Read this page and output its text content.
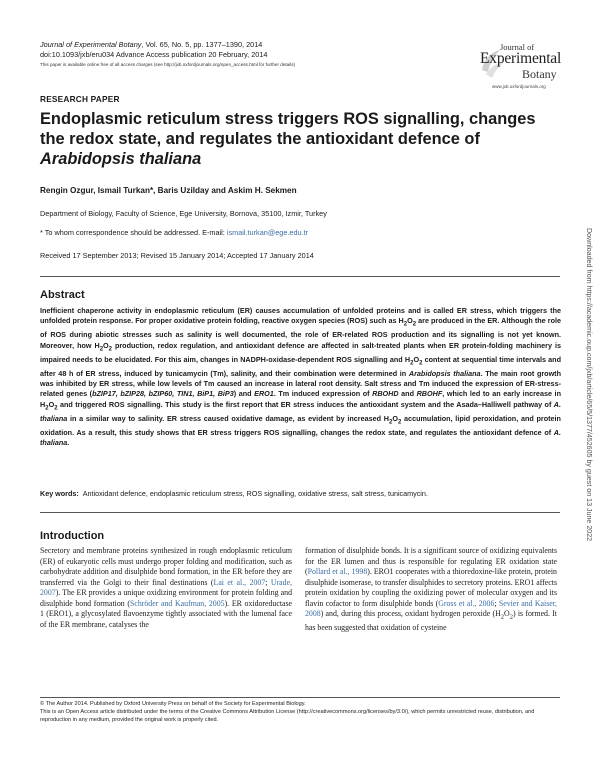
Journal of Experimental Botany, Vol. 65, No. 5, pp. 1377–1390, 2014
doi:10.1093/jxb/eru034 Advance Access publication 20 February, 2014
This paper is available online free of all access charges (see http://jxb.oxfordjournals.org/open_access.html for further details)
Journal of
Experimental
Botany
www.jxb.oxfordjournals.org
RESEARCH PAPER
Endoplasmic reticulum stress triggers ROS signalling, changes the redox state, and regulates the antioxidant defence of Arabidopsis thaliana
Rengin Ozgur, Ismail Turkan*, Baris Uzilday and Askim H. Sekmen
Department of Biology, Faculty of Science, Ege University, Bornova, 35100, Izmir, Turkey
* To whom correspondence should be addressed. E-mail: ismail.turkan@ege.edu.tr
Received 17 September 2013; Revised 15 January 2014; Accepted 17 January 2014
Abstract
Inefficient chaperone activity in endoplasmic reticulum (ER) causes accumulation of unfolded proteins and is called ER stress, which triggers the unfolded protein response. For proper oxidative protein folding, reactive oxygen species (ROS) such as $H_2O_2$ are produced in the ER. Although the role of ROS during abiotic stresses such as salinity is well documented, the role of ER-related ROS production and its signalling is not yet known. Moreover, how $H_2O_2$ production, redox regulation, and antioxidant defence are affected in salt-treated plants when ER protein-folding machinery is impaired needs to be elucidated. For this aim, changes in NADPH-oxidase-dependent ROS signalling and $H_2O_2$ content at sequential time intervals and after 48 h of ER stress, induced by tunicamycin (Tm), salinity, and their combination were determined in Arabidopsis thaliana. The main root growth was inhibited by ER stress, while low levels of Tm caused an increase in lateral root density. Salt stress and Tm induced the expression of ER-stress-related genes (bZIP17, bZIP28, bZIP60, TIN1, BiP1, BiP3) and ERO1. Tm induced expression of RBOHD and RBOHF, which led to an early increase in $H_2O_2$ and triggered ROS signalling. This study is the first report that ER stress induces the antioxidant system and the Asada–Halliwell pathway of A. thaliana in a similar way to salinity. ER stress caused oxidative damage, as evident by increased $H_2O_2$ accumulation, lipid peroxidation, and protein oxidation. As a result, this study shows that ER stress triggers ROS signalling, changes the redox state, and regulates the antioxidant defence of A. thaliana.
Key words: Antioxidant defence, endoplasmic reticulum stress, ROS signalling, oxidative stress, salt stress, tunicamycin.
Introduction
Secretory and membrane proteins synthesized in rough endoplasmic reticulum (ER) of eukaryotic cells must undergo proper folding and modification, such as carbohydrate addition and disulphide bond formation, in the ER before they are transferred via the Golgi to their final destinations (Lai et al., 2007; Urade, 2007). The ER provides a unique oxidizing environment for protein folding and disulphide bond formation (Schröder and Kaufman, 2005). ER oxidoreductase 1 (ERO1), a glycosylated flavoenzyme tightly associated with the lumenal face of the ER membrane, catalyses the
formation of disulphide bonds. It is a significant source of oxidizing equivalents for the ER lumen and thus is responsible for regulating ER oxidation state (Pollard et al., 1998). ERO1 cooperates with a thioredoxine-like protein, protein disulphide isomerase, to transfer disulphides to secretory proteins. ERO1 affects protein oxidation by coupling the oxidizing power of molecular oxygen and its flavin cofactor to form disulphide bonds (Gross et al., 2006; Sevier and Kaiser, 2008) and, during this process, oxidant hydrogen peroxide $(H_2O_2)$ is formed. It has been suggested that oxidation of cysteine
© The Author 2014. Published by Oxford University Press on behalf of the Society for Experimental Biology.
This is an Open Access article distributed under the terms of the Creative Commons Attribution License (http://creativecommons.org/licenses/by/3.0/), which permits unrestricted reuse, distribution, and reproduction in any medium, provided the original work is properly cited.
Downloaded from https://academic.oup.com/jxb/article/65/5/1377/452605 by guest on 13 June 2022
